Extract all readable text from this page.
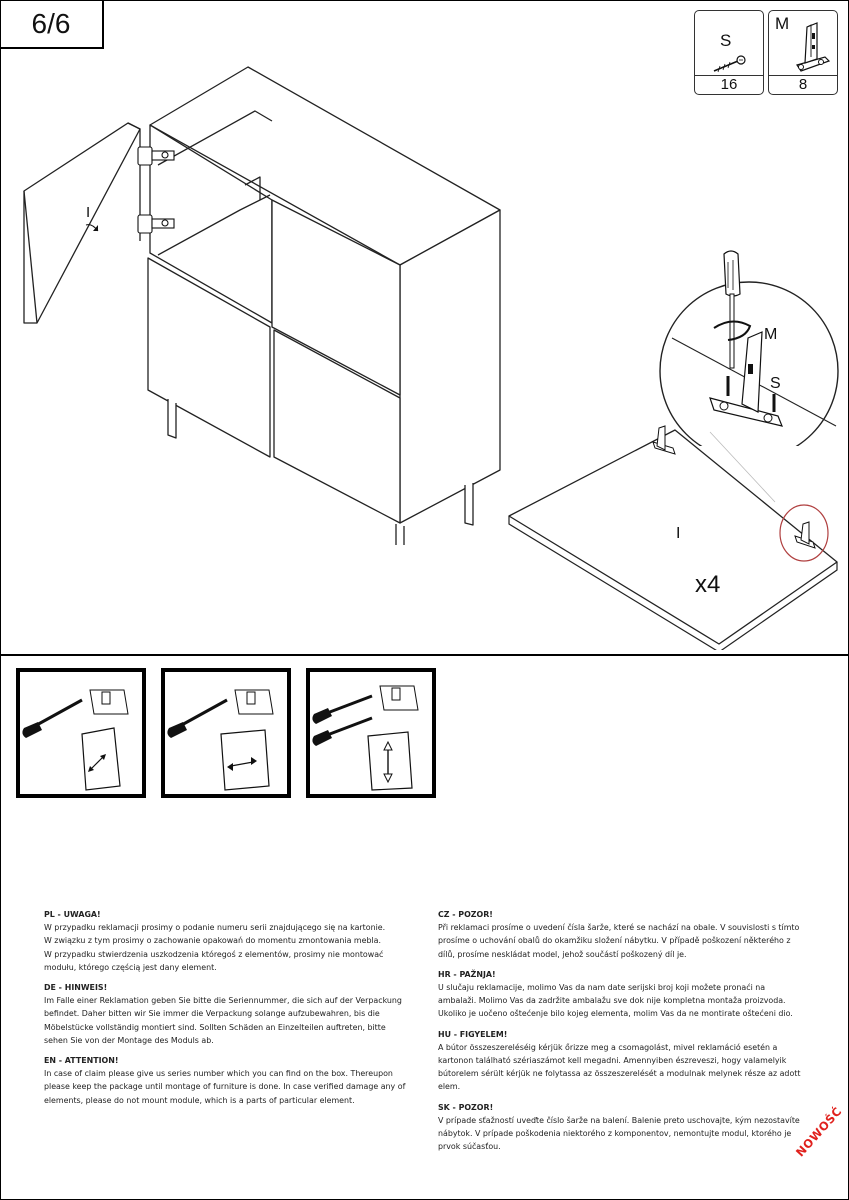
6/6
S
16
M
8
I
M
S
I
x4
PL - UWAGA!
W przypadku reklamacji prosimy o podanie numeru serii znajdującego się na kartonie.
W związku z tym prosimy o zachowanie opakowań do momentu zmontowania mebla.
W przypadku stwierdzenia uszkodzenia któregoś z elementów, prosimy nie montować
modułu, którego częścią jest dany element.
DE - HINWEIS!
Im Falle einer Reklamation geben Sie bitte die Seriennummer, die sich auf der Verpackung
befindet. Daher bitten wir Sie immer die Verpackung solange aufzubewahren, bis die
Möbelstücke vollständig montiert sind. Sollten Schäden an Einzelteilen auftreten, bitte
sehen Sie von der Montage des Moduls ab.
EN - ATTENTION!
In case of claim please give us series number which you can find on the box. Thereupon
please keep the package until montage of furniture is done. In case verified damage any of
elements, please do not mount module, which is a parts of particular element.
CZ - POZOR!
Při reklamaci prosíme o uvedení čísla šarže, které se nachází na obale. V souvislosti s tímto
prosíme o uchování obalů do okamžiku složení nábytku. V případě poškození některého z
dílů, prosíme neskládat model, jehož součástí poškozený díl je.
HR - PAŽNJA!
U slučaju reklamacije, molimo Vas da nam date serijski broj koji možete pronaći na
ambalaži. Molimo Vas da zadržite ambalažu sve dok nije kompletna montaža proizvoda.
Ukoliko je uočeno oštećenje bilo kojeg elementa, molim Vas da ne montirate oštećeni dio.
HU - FIGYELEM!
A bútor összeszereléséig kérjük őrizze meg a csomagolást, mivel reklamáció esetén a
kartonon található szériaszámot kell megadni. Amennyiben észreveszi, hogy valamelyik
bútorelem sérült kérjük ne folytassa az összeszerelését a modulnak melynek része az adott
elem.
SK - POZOR!
V prípade sťažností uveďte číslo šarže na balení. Balenie preto uschovajte, kým nezostavíte
nábytok. V prípade poškodenia niektorého z komponentov, nemontujte modul, ktorého je
prvok súčasťou.	NOWOŚĆ
